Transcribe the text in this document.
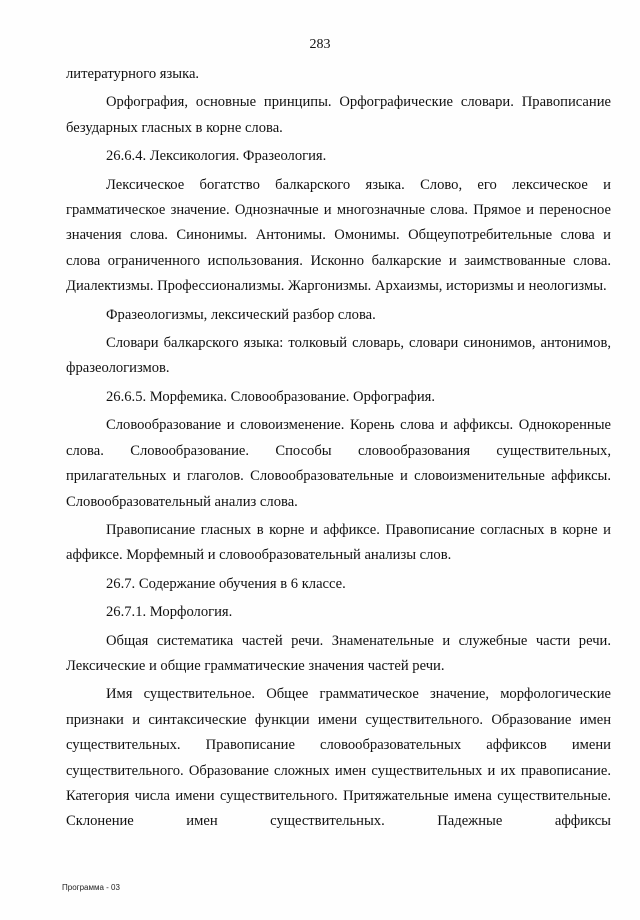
283

литературного языка.

Орфография, основные принципы. Орфографические словари. Правописание безударных гласных в корне слова.

26.6.4. Лексикология. Фразеология.

Лексическое богатство балкарского языка. Слово, его лексическое и грамматическое значение. Однозначные и многозначные слова. Прямое и переносное значения слова. Синонимы. Антонимы. Омонимы. Общеупотребительные слова и слова ограниченного использования. Исконно балкарские и заимствованные слова. Диалектизмы. Профессионализмы. Жаргонизмы. Архаизмы, историзмы и неологизмы.

Фразеологизмы, лексический разбор слова.

Словари балкарского языка: толковый словарь, словари синонимов, антонимов, фразеологизмов.

26.6.5. Морфемика. Словообразование. Орфография.

Словообразование и словоизменение. Корень слова и аффиксы. Однокоренные слова. Словообразование. Способы словообразования существительных, прилагательных и глаголов. Словообразовательные и словоизменительные аффиксы. Словообразовательный анализ слова.

Правописание гласных в корне и аффиксе. Правописание согласных в корне и аффиксе. Морфемный и словообразовательный анализы слов.

26.7. Содержание обучения в 6 классе.

26.7.1. Морфология.

Общая систематика частей речи. Знаменательные и служебные части речи. Лексические и общие грамматические значения частей речи.

Имя существительное. Общее грамматическое значение, морфологические признаки и синтаксические функции имени существительного. Образование имен существительных. Правописание словообразовательных аффиксов имени существительного. Образование сложных имен существительных и их правописание. Категория числа имени существительного. Притяжательные имена существительные. Склонение имен существительных. Падежные аффиксы

Программа - 03
